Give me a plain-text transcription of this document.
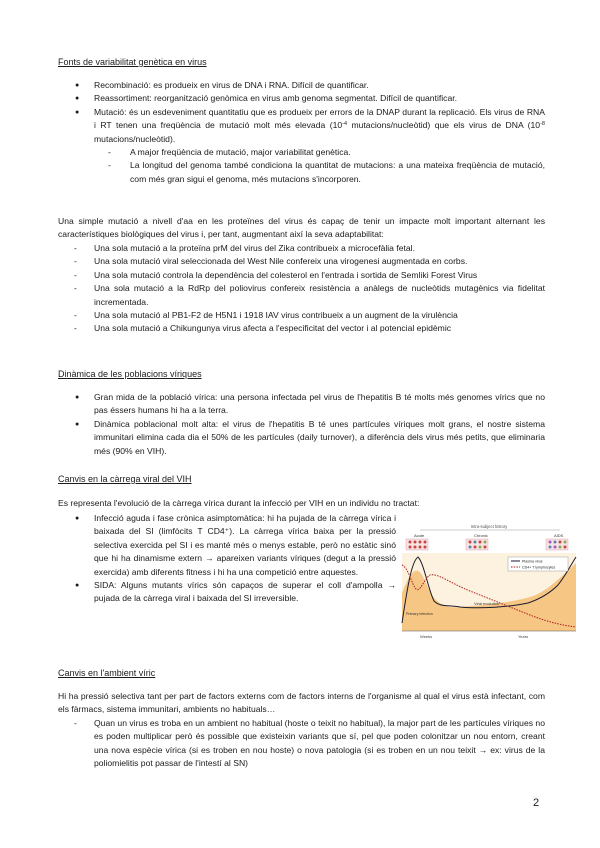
Fonts de variabilitat genètica en virus
● Recombinació: es produeix en virus de DNA i RNA. Difícil de quantificar.
● Reassortiment: reorganització genòmica en virus amb genoma segmentat. Difícil de quantificar.
● Mutació: és un esdeveniment quantitatiu que es produeix per errors de la DNAP durant la replicació. Els virus de RNA i RT tenen una freqüència de mutació molt més elevada ($10^{-4}$ mutacions/nucleòtid) que els virus de DNA ($10^{-8}$ mutacions/nucleòtid).
- A major freqüència de mutació, major variabilitat genètica.
- La longitud del genoma també condiciona la quantitat de mutacions: a una mateixa freqüència de mutació, com més gran sigui el genoma, més mutacions s'incorporen.
Una simple mutació a nivell d'aa en les proteïnes del virus és capaç de tenir un impacte molt important alternant les característiques biològiques del virus i, per tant, augmentant així la seva adaptabilitat:
- Una sola mutació a la proteïna prM del virus del Zika contribueix a microcefàlia fetal.
- Una sola mutació viral seleccionada del West Nile confereix una virogenesi augmentada en corbs.
- Una sola mutació controla la dependència del colesterol en l'entrada i sortida de Semliki Forest Virus
- Una sola mutació a la RdRp del poliovirus confereix resistència a anàlegs de nucleòtids mutagènics via fidelitat incrementada.
- Una sola mutació al PB1-F2 de H5N1 i 1918 IAV virus contribueix a un augment de la virulència
- Una sola mutació a Chikungunya virus afecta a l'especificitat del vector i al potencial epidèmic
Dinàmica de les poblacions víriques
● Gran mida de la població vírica: una persona infectada pel virus de l'hepatitis B té molts més genomes vírics que no pas éssers humans hi ha a la terra.
● Dinàmica poblacional molt alta: el virus de l'hepatitis B té unes partícules víriques molt grans, el nostre sistema immunitari elimina cada dia el 50% de les partícules (daily turnover), a diferència dels virus més petits, que eliminaria més (90% en VIH).
Canvis en la càrrega viral del VIH
Es representa l'evolució de la càrrega vírica durant la infecció per VIH en un individu no tractat:
● Infecció aguda i fase crònica asimptomàtica: hi ha pujada de la càrrega vírica i baixada del SI (limfòcits T CD4⁺). La càrrega vírica baixa per la pressió selectiva exercida pel SI i es manté més o menys estable, però no estàtic sinó que hi ha dinamisme extern → apareixen variants víriques (degut a la pressió exercida) amb diferents fitness i hi ha una competició entre aquestes.
● SIDA: Alguns mutants vírics són capaços de superar el coll d'ampolla → pujada de la càrrega viral i baixada del SI irreversible.
Intra-subject history
Acute	Chronic	AIDS
Viral evolution
Primary infection
Plasma virus
CD4+ T lymphocytes
Weeks	Years
Canvis en l'ambient víric
Hi ha pressió selectiva tant per part de factors externs com de factors interns de l'organisme al qual el virus està infectant, com els fàrmacs, sistema immunitari, ambients no habituals…
- Quan un virus es troba en un ambient no habitual (hoste o teixit no habitual), la major part de les partícules víriques no es poden multiplicar però és possible que existeixin variants que sí, pel que poden colonitzar un nou entorn, creant una nova espècie vírica (si es troben en nou hoste) o nova patologia (si es troben en un nou teixit → ex: virus de la poliomielitis pot passar de l'intestí al SN)
2
